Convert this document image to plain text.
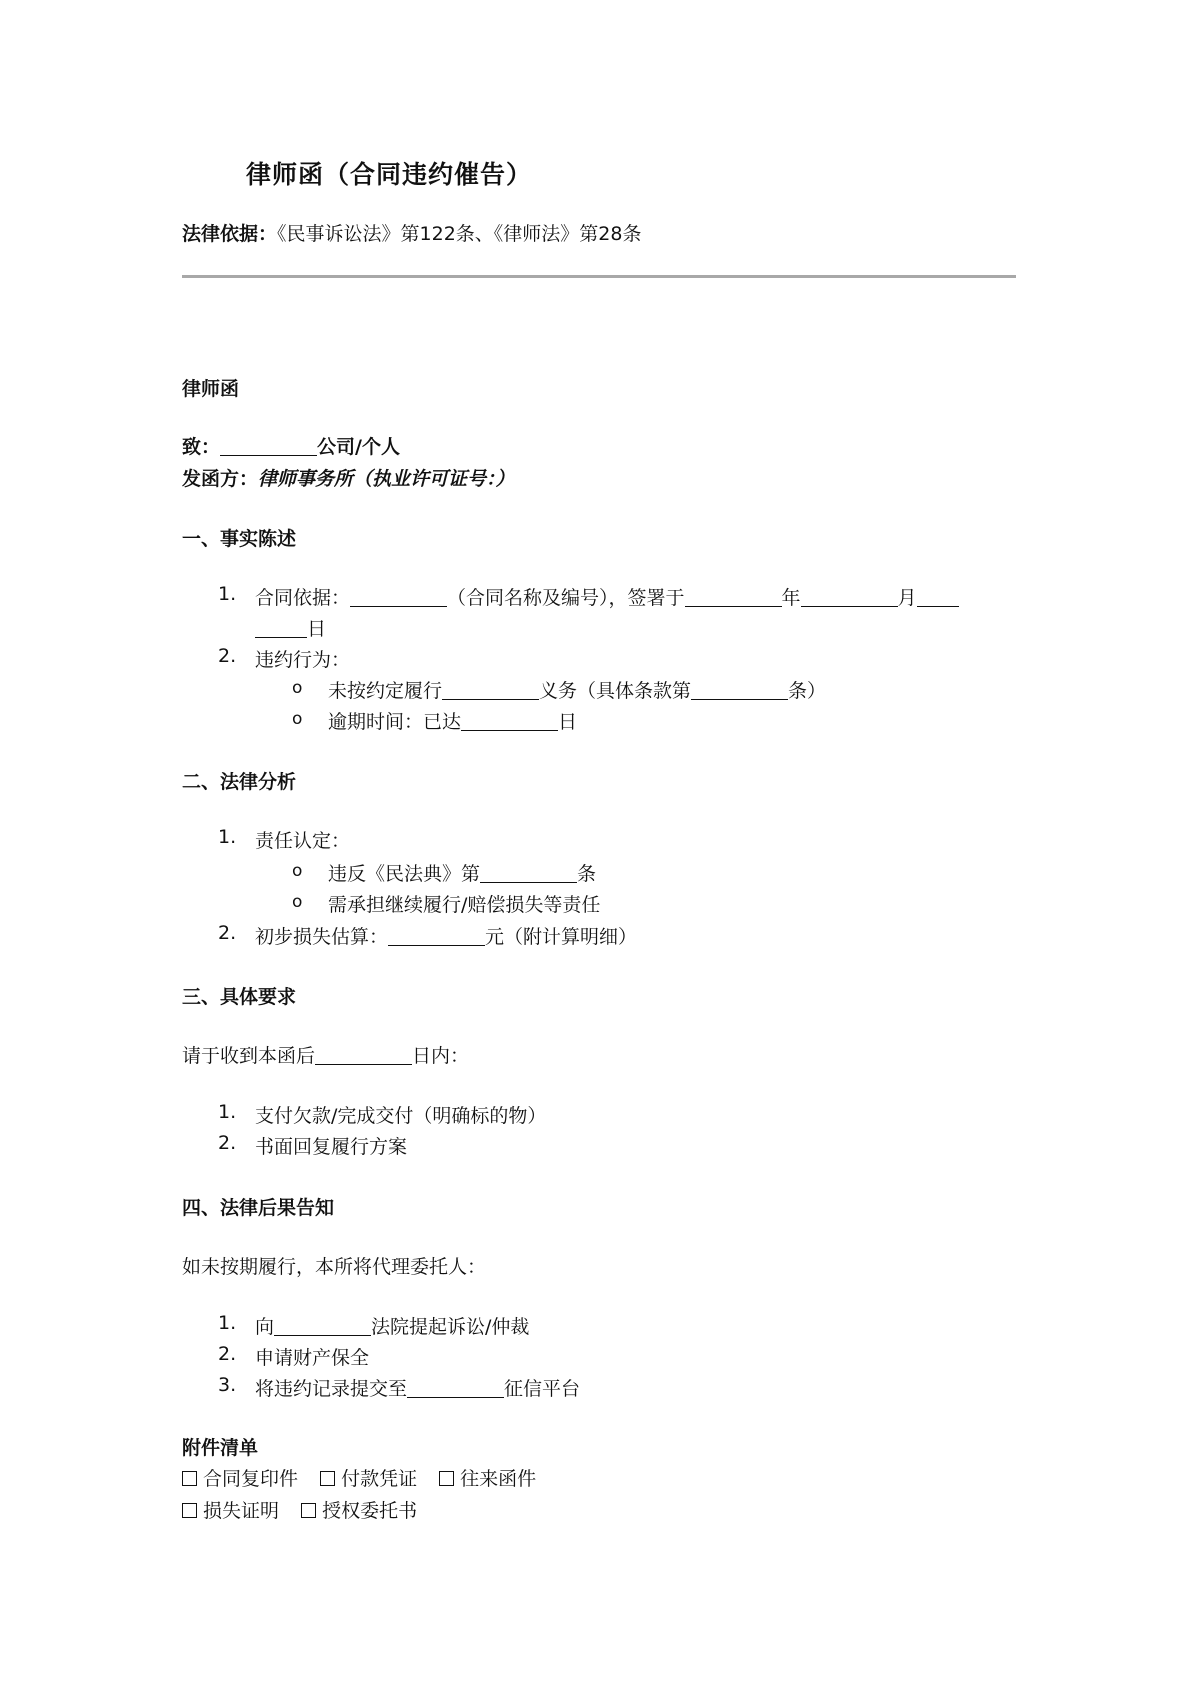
律师函（合同违约催告）
法律依据：《民事诉讼法》第122条、《律师法》第28条
律师函
致：	公司/个人
发函方：律师事务所（执业许可证号：）
一、事实陈述
1. 合同依据：	（合同名称及编号），签署于	年	月
日
2. 违约行为：
o 未按约定履行	义务（具体条款第	条）
o 逾期时间：已达	日
二、法律分析
1. 责任认定：
o 违反《民法典》第	条
o 需承担继续履行/赔偿损失等责任
2. 初步损失估算：	元（附计算明细）
三、具体要求
请于收到本函后	日内：
1. 支付欠款/完成交付（明确标的物）
2. 书面回复履行方案
四、法律后果告知
如未按期履行，本所将代理委托人：
1. 向	法院提起诉讼/仲裁
2. 申请财产保全
3. 将违约记录提交至	征信平台
附件清单
合同复印件 付款凭证 往来函件
损失证明 授权委托书
